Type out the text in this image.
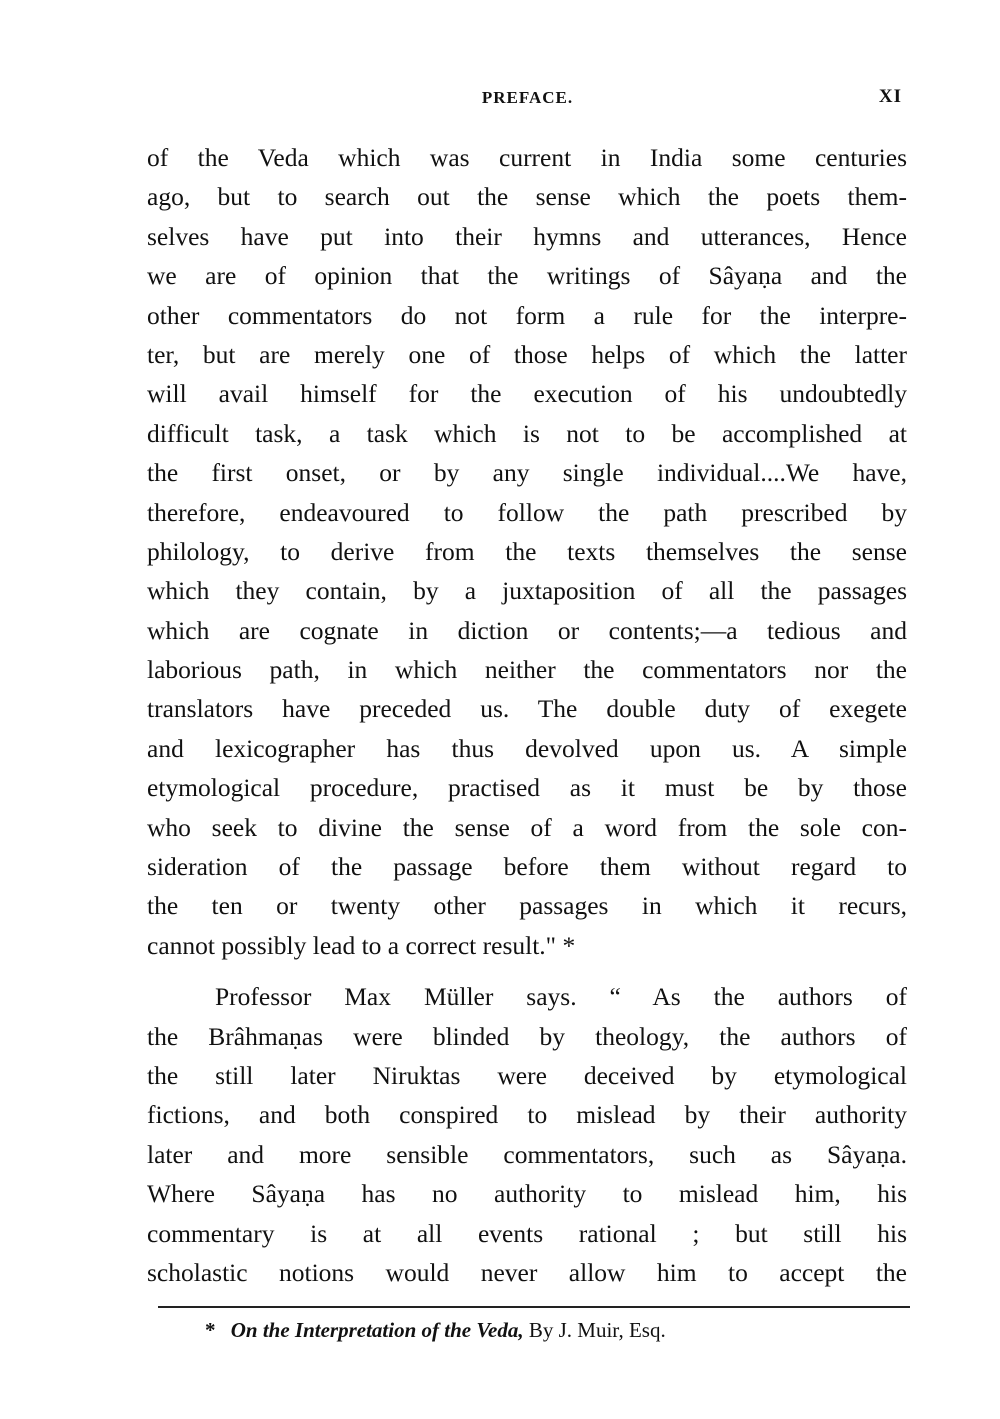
PREFACE.	XI
of the Veda which was current in India some centuries
ago, but to search out the sense which the poets them-
selves have put into their hymns and utterances, Hence
we are of opinion that the writings of Sâyaṇa and the
other commentators do not form a rule for the interpre-
ter, but are merely one of those helps of which the latter
will avail himself for the execution of his undoubtedly
difficult task, a task which is not to be accomplished at
the first onset, or by any single individual....We have,
therefore, endeavoured to follow the path prescribed by
philology, to derive from the texts themselves the sense
which they contain, by a juxtaposition of all the passages
which are cognate in diction or contents;—a tedious and
laborious path, in which neither the commentators nor the
translators have preceded us. The double duty of exegete
and lexicographer has thus devolved upon us. A simple
etymological procedure, practised as it must be by those
who seek to divine the sense of a word from the sole con-
sideration of the passage before them without regard to
the ten or twenty other passages in which it recurs,
cannot possibly lead to a correct result." *
Professor Max Müller says. “ As the authors of
the Brâhmaṇas were blinded by theology, the authors of
the still later Niruktas were deceived by etymological
fictions, and both conspired to mislead by their authority
later and more sensible commentators, such as Sâyaṇa.
Where Sâyaṇa has no authority to mislead him, his
commentary is at all events rational ; but still his
scholastic notions would never allow him to accept the
* On the Interpretation of the Veda, By J. Muir, Esq.
